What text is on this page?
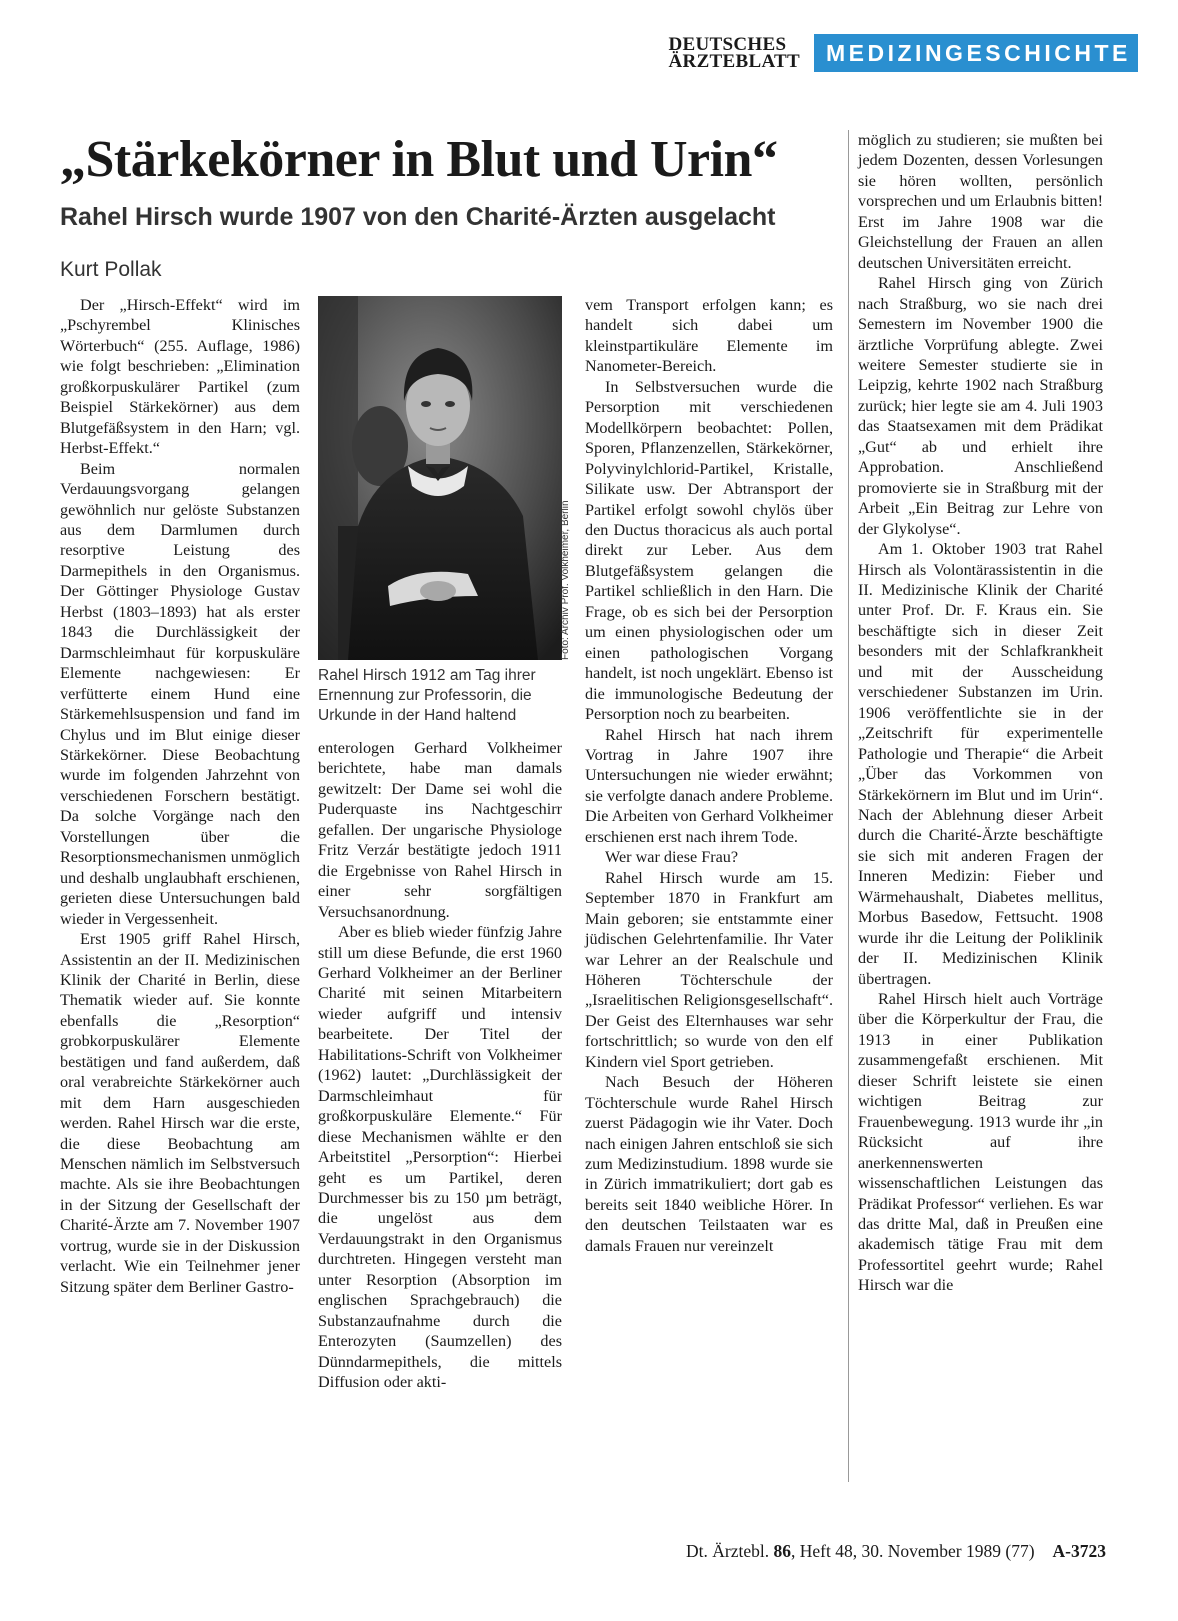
DEUTSCHES
ÄRZTEBLATT	MEDIZINGESCHICHTE
„Stärkekörner in Blut und Urin“
Rahel Hirsch wurde 1907 von den Charité-Ärzten ausgelacht
Kurt Pollak

Der „Hirsch-Effekt“ wird im „Pschyrembel Klinisches Wörterbuch“ (255. Auflage, 1986) wie folgt beschrieben: „Elimination großkorpuskulärer Partikel (zum Beispiel Stärkekörner) aus dem Blutgefäßsystem in den Harn; vgl. Herbst-Effekt.“

Beim normalen Verdauungsvorgang gelangen gewöhnlich nur gelöste Substanzen aus dem Darmlumen durch resorptive Leistung des Darmepithels in den Organismus. Der Göttinger Physiologe Gustav Herbst (1803–1893) hat als erster 1843 die Durchlässigkeit der Darmschleimhaut für korpuskuläre Elemente nachgewiesen: Er verfütterte einem Hund eine Stärkemehlsuspension und fand im Chylus und im Blut einige dieser Stärkekörner. Diese Beobachtung wurde im folgenden Jahrzehnt von verschiedenen Forschern bestätigt. Da solche Vorgänge nach den Vorstellungen über die Resorptionsmechanismen unmöglich und deshalb unglaubhaft erschienen, gerieten diese Untersuchungen bald wieder in Vergessenheit.

Erst 1905 griff Rahel Hirsch, Assistentin an der II. Medizinischen Klinik der Charité in Berlin, diese Thematik wieder auf. Sie konnte ebenfalls die „Resorption“ grobkorpuskulärer Elemente bestätigen und fand außerdem, daß oral verabreichte Stärkekörner auch mit dem Harn ausgeschieden werden. Rahel Hirsch war die erste, die diese Beobachtung am Menschen nämlich im Selbstversuch machte. Als sie ihre Beobachtungen in der Sitzung der Gesellschaft der Charité-Ärzte am 7. November 1907 vortrug, wurde sie in der Diskussion verlacht. Wie ein Teilnehmer jener Sitzung später dem Berliner Gastro-

Foto: Archiv Prof. Volkheimer, Berlin
Rahel Hirsch 1912 am Tag ihrer Ernennung zur Professorin, die Urkunde in der Hand haltend

enterologen Gerhard Volkheimer berichtete, habe man damals gewitzelt: Der Dame sei wohl die Puderquaste ins Nachtgeschirr gefallen. Der ungarische Physiologe Fritz Verzár bestätigte jedoch 1911 die Ergebnisse von Rahel Hirsch in einer sehr sorgfältigen Versuchsanordnung.

Aber es blieb wieder fünfzig Jahre still um diese Befunde, die erst 1960 Gerhard Volkheimer an der Berliner Charité mit seinen Mitarbeitern wieder aufgriff und intensiv bearbeitete. Der Titel der Habilitations-Schrift von Volkheimer (1962) lautet: „Durchlässigkeit der Darmschleimhaut für großkorpuskuläre Elemente.“ Für diese Mechanismen wählte er den Arbeitstitel „Persorption“: Hierbei geht es um Partikel, deren Durchmesser bis zu 150 µm beträgt, die ungelöst aus dem Verdauungstrakt in den Organismus durchtreten. Hingegen versteht man unter Resorption (Absorption im englischen Sprachgebrauch) die Substanzaufnahme durch die Enterozyten (Saumzellen) des Dünndarmepithels, die mittels Diffusion oder akti-

vem Transport erfolgen kann; es handelt sich dabei um kleinstpartikuläre Elemente im Nanometer-Bereich.

In Selbstversuchen wurde die Persorption mit verschiedenen Modellkörpern beobachtet: Pollen, Sporen, Pflanzenzellen, Stärkekörner, Polyvinylchlorid-Partikel, Kristalle, Silikate usw. Der Abtransport der Partikel erfolgt sowohl chylös über den Ductus thoracicus als auch portal direkt zur Leber. Aus dem Blutgefäßsystem gelangen die Partikel schließlich in den Harn. Die Frage, ob es sich bei der Persorption um einen physiologischen oder um einen pathologischen Vorgang handelt, ist noch ungeklärt. Ebenso ist die immunologische Bedeutung der Persorption noch zu bearbeiten.

Rahel Hirsch hat nach ihrem Vortrag in Jahre 1907 ihre Untersuchungen nie wieder erwähnt; sie verfolgte danach andere Probleme. Die Arbeiten von Gerhard Volkheimer erschienen erst nach ihrem Tode.

Wer war diese Frau?

Rahel Hirsch wurde am 15. September 1870 in Frankfurt am Main geboren; sie entstammte einer jüdischen Gelehrtenfamilie. Ihr Vater war Lehrer an der Realschule und Höheren Töchterschule der „Israelitischen Religionsgesellschaft“. Der Geist des Elternhauses war sehr fortschrittlich; so wurde von den elf Kindern viel Sport getrieben.

Nach Besuch der Höheren Töchterschule wurde Rahel Hirsch zuerst Pädagogin wie ihr Vater. Doch nach einigen Jahren entschloß sie sich zum Medizinstudium. 1898 wurde sie in Zürich immatrikuliert; dort gab es bereits seit 1840 weibliche Hörer. In den deutschen Teilstaaten war es damals Frauen nur vereinzelt

möglich zu studieren; sie mußten bei jedem Dozenten, dessen Vorlesungen sie hören wollten, persönlich vorsprechen und um Erlaubnis bitten! Erst im Jahre 1908 war die Gleichstellung der Frauen an allen deutschen Universitäten erreicht.

Rahel Hirsch ging von Zürich nach Straßburg, wo sie nach drei Semestern im November 1900 die ärztliche Vorprüfung ablegte. Zwei weitere Semester studierte sie in Leipzig, kehrte 1902 nach Straßburg zurück; hier legte sie am 4. Juli 1903 das Staatsexamen mit dem Prädikat „Gut“ ab und erhielt ihre Approbation. Anschließend promovierte sie in Straßburg mit der Arbeit „Ein Beitrag zur Lehre von der Glykolyse“.

Am 1. Oktober 1903 trat Rahel Hirsch als Volontärassistentin in die II. Medizinische Klinik der Charité unter Prof. Dr. F. Kraus ein. Sie beschäftigte sich in dieser Zeit besonders mit der Schlafkrankheit und mit der Ausscheidung verschiedener Substanzen im Urin. 1906 veröffentlichte sie in der „Zeitschrift für experimentelle Pathologie und Therapie“ die Arbeit „Über das Vorkommen von Stärkekörnern im Blut und im Urin“. Nach der Ablehnung dieser Arbeit durch die Charité-Ärzte beschäftigte sie sich mit anderen Fragen der Inneren Medizin: Fieber und Wärmehaushalt, Diabetes mellitus, Morbus Basedow, Fettsucht. 1908 wurde ihr die Leitung der Poliklinik der II. Medizinischen Klinik übertragen.

Rahel Hirsch hielt auch Vorträge über die Körperkultur der Frau, die 1913 in einer Publikation zusammengefaßt erschienen. Mit dieser Schrift leistete sie einen wichtigen Beitrag zur Frauenbewegung. 1913 wurde ihr „in Rücksicht auf ihre anerkennenswerten wissenschaftlichen Leistungen das Prädikat Professor“ verliehen. Es war das dritte Mal, daß in Preußen eine akademisch tätige Frau mit dem Professortitel geehrt wurde; Rahel Hirsch war die

Dt. Ärztebl. 86, Heft 48, 30. November 1989 (77) A-3723
